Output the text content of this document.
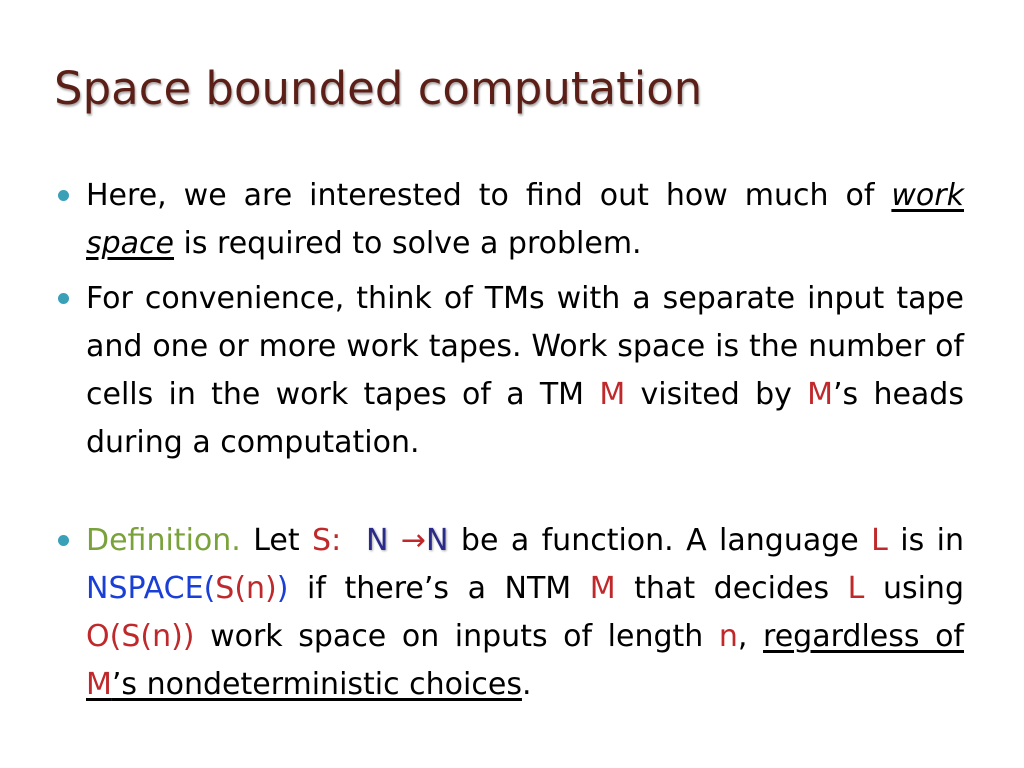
Space bounded computation
Here, we are interested to find out how much of work space is required to solve a problem.
For convenience, think of TMs with a separate input tape and one or more work tapes. Work space is the number of cells in the work tapes of a TM M visited by M’s heads during a computation.
Definition. Let S: N →N be a function. A language L is in NSPACE(S(n)) if there’s a NTM M that decides L using O(S(n)) work space on inputs of length n, regardless of M’s nondeterministic choices.
